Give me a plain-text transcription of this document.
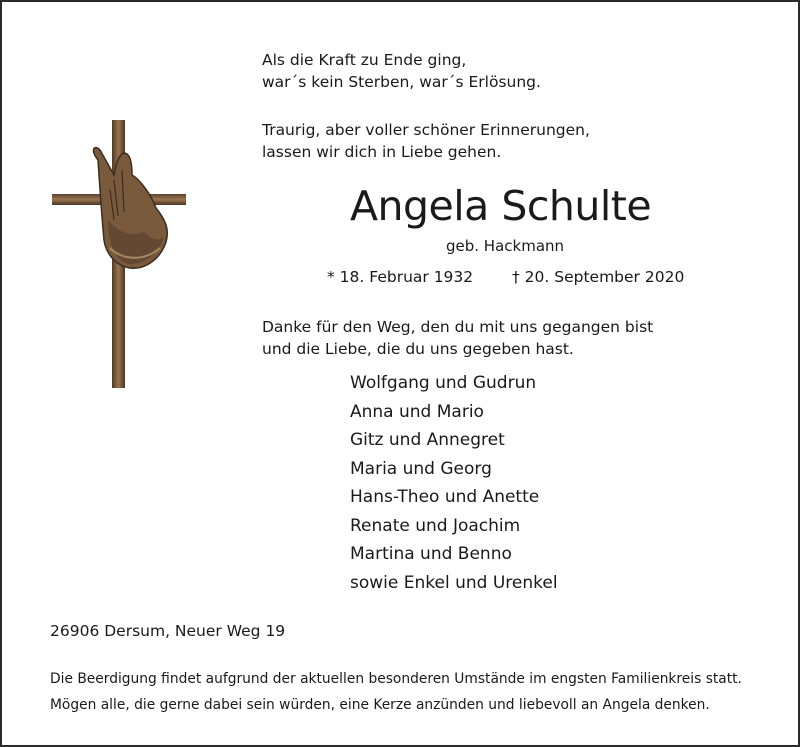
Als die Kraft zu Ende ging,
war´s kein Sterben, war´s Erlösung.
Traurig, aber voller schöner Erinnerungen,
lassen wir dich in Liebe gehen.
Angela Schulte
geb. Hackmann
* 18. Februar 1932	† 20. September 2020
Danke für den Weg, den du mit uns gegangen bist
und die Liebe, die du uns gegeben hast.
Wolfgang und Gudrun
Anna und Mario
Gitz und Annegret
Maria und Georg
Hans-Theo und Anette
Renate und Joachim
Martina und Benno
sowie Enkel und Urenkel
26906 Dersum, Neuer Weg 19
Die Beerdigung findet aufgrund der aktuellen besonderen Umstände im engsten Familienkreis statt.
Mögen alle, die gerne dabei sein würden, eine Kerze anzünden und liebevoll an Angela denken.
